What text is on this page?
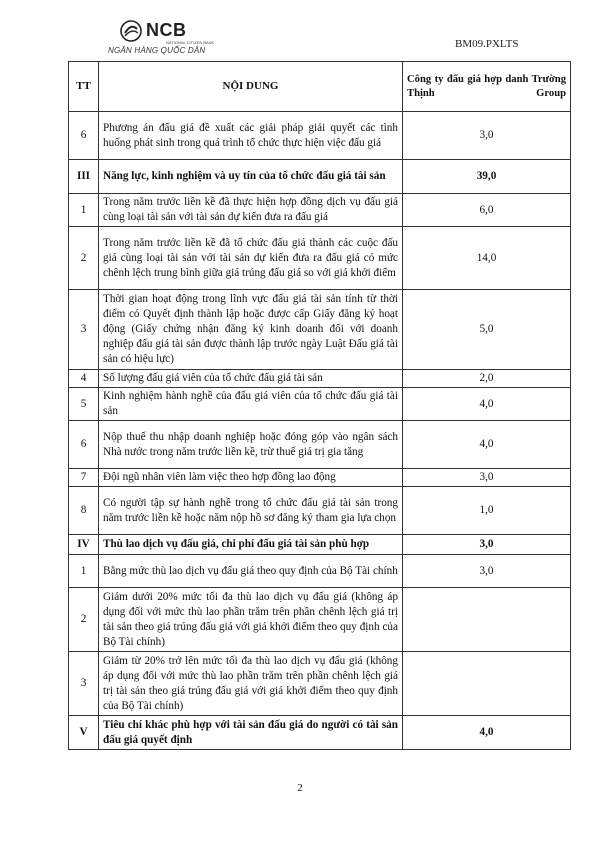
NCB
NATIONAL CITIZEN BANK
NGÂN HÀNG QUỐC DÂN
BM09.PXLTS
TT	NỘI DUNG	Công ty đấu giá hợp danh Trường Thịnh Group
6	Phương án đấu giá đề xuất các giải pháp giải quyết các tình huống phát sinh trong quá trình tổ chức thực hiện việc đấu giá	3,0
III	Năng lực, kinh nghiệm và uy tín của tổ chức đấu giá tài sản	39,0
1	Trong năm trước liền kề đã thực hiện hợp đồng dịch vụ đấu giá cùng loại tài sản với tài sản dự kiến đưa ra đấu giá	6,0
2	Trong năm trước liền kề đã tổ chức đấu giá thành các cuộc đấu giá cùng loại tài sản với tài sản dự kiến đưa ra đấu giá có mức chênh lệch trung bình giữa giá trúng đấu giá so với giá khởi điểm	14,0
3	Thời gian hoạt động trong lĩnh vực đấu giá tài sản tính từ thời điểm có Quyết định thành lập hoặc được cấp Giấy đăng ký hoạt động (Giấy chứng nhận đăng ký kinh doanh đối với doanh nghiệp đấu giá tài sản được thành lập trước ngày Luật Đấu giá tài sản có hiệu lực)	5,0
4	Số lượng đấu giá viên của tổ chức đấu giá tài sản	2,0
5	Kinh nghiệm hành nghề của đấu giá viên của tổ chức đấu giá tài sản	4,0
6	Nộp thuế thu nhập doanh nghiệp hoặc đóng góp vào ngân sách Nhà nước trong năm trước liền kề, trừ thuế giá trị gia tăng	4,0
7	Đội ngũ nhân viên làm việc theo hợp đồng lao động	3,0
8	Có người tập sự hành nghề trong tổ chức đấu giá tài sản trong năm trước liền kề hoặc năm nộp hồ sơ đăng ký tham gia lựa chọn	1,0
IV	Thù lao dịch vụ đấu giá, chi phí đấu giá tài sản phù hợp	3,0
1	Bằng mức thù lao dịch vụ đấu giá theo quy định của Bộ Tài chính	3,0
2	Giảm dưới 20% mức tối đa thù lao dịch vụ đấu giá (không áp dụng đối với mức thù lao phần trăm trên phần chênh lệch giá trị tài sản theo giá trúng đấu giá với giá khởi điểm theo quy định của Bộ Tài chính)	
3	Giảm từ 20% trở lên mức tối đa thù lao dịch vụ đấu giá (không áp dụng đối với mức thù lao phần trăm trên phần chênh lệch giá trị tài sản theo giá trúng đấu giá với giá khởi điểm theo quy định của Bộ Tài chính)	
V	Tiêu chí khác phù hợp với tài sản đấu giá do người có tài sản đấu giá quyết định	4,0
2
